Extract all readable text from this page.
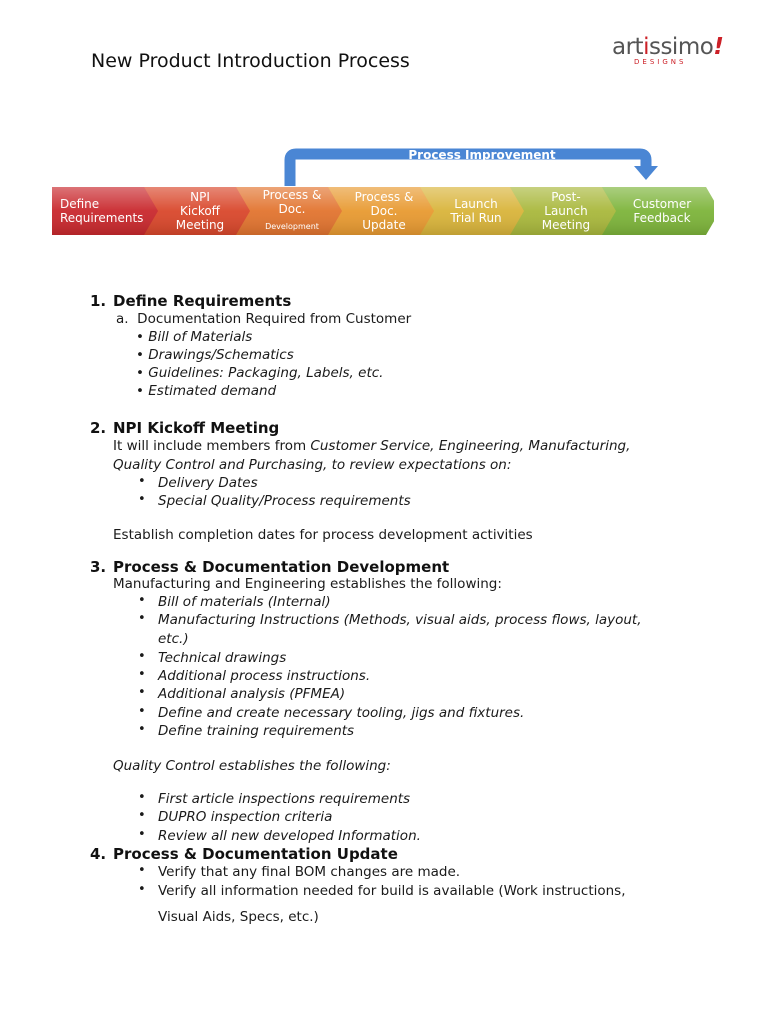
New Product Introduction Process
artissimo!
DESIGNS
Process Improvement
Define
Requirements
NPI
Kickoff
Meeting
Process &
Doc.
Development
Process &
Doc.
Update
Launch
Trial Run
Post-
Launch
Meeting
Customer
Feedback
1. Define Requirements
a. Documentation Required from Customer
• Bill of Materials
• Drawings/Schematics
• Guidelines: Packaging, Labels, etc.
• Estimated demand
2. NPI Kickoff Meeting
It will include members from Customer Service, Engineering, Manufacturing,
Quality Control and Purchasing, to review expectations on:
• Delivery Dates
• Special Quality/Process requirements
Establish completion dates for process development activities
3. Process & Documentation Development
Manufacturing and Engineering establishes the following:
• Bill of materials (Internal)
• Manufacturing Instructions (Methods, visual aids, process flows, layout,
etc.)
• Technical drawings
• Additional process instructions.
• Additional analysis (PFMEA)
• Define and create necessary tooling, jigs and fixtures.
• Define training requirements
Quality Control establishes the following:
• First article inspections requirements
• DUPRO inspection criteria
• Review all new developed Information.
4. Process & Documentation Update
• Verify that any final BOM changes are made.
• Verify all information needed for build is available (Work instructions,
Visual Aids, Specs, etc.)
